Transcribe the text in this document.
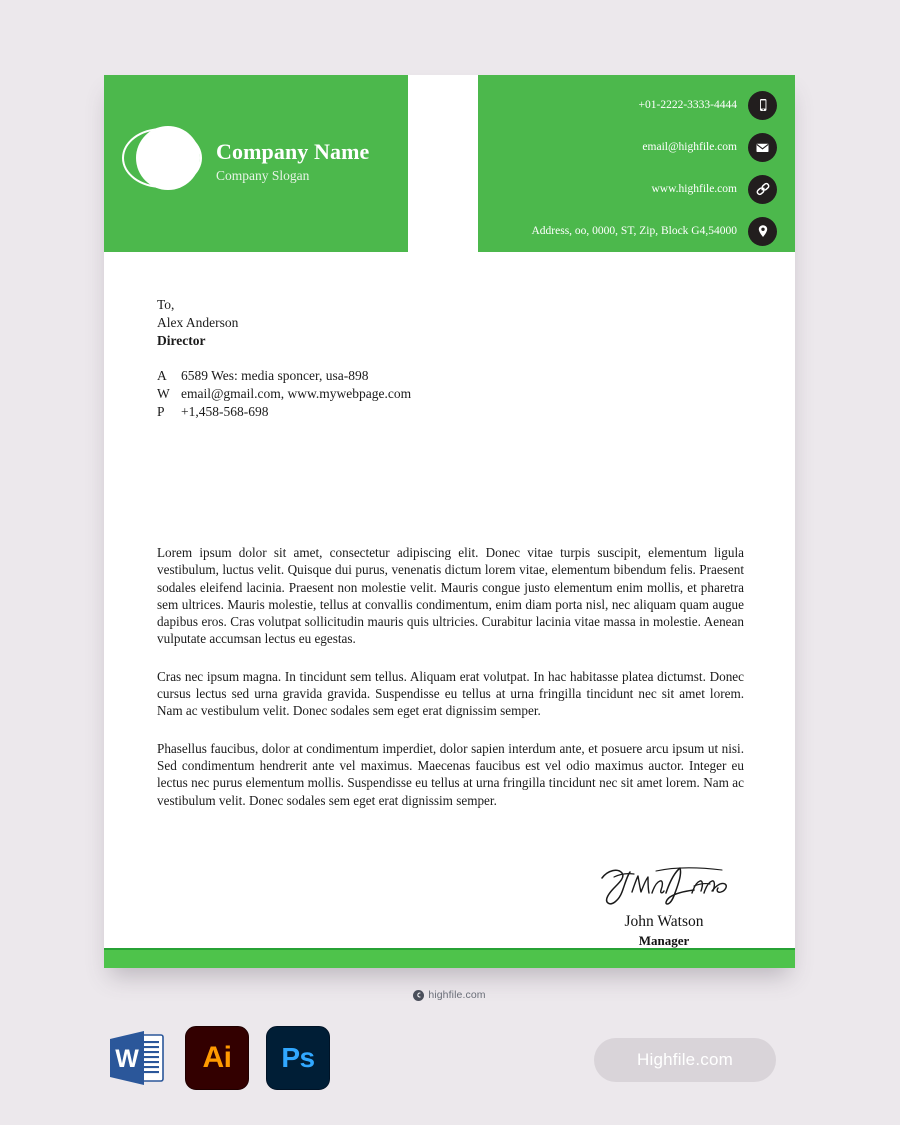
Company Name
Company Slogan
+01-2222-3333-4444
email@highfile.com
www.highfile.com
Address, oo, 0000, ST, Zip, Block G4,54000
To,
Alex Anderson
Director
A	6589 Wes: media sponcer, usa-898
W email@gmail.com, www.mywebpage.com
P	+1,458-568-698

Lorem ipsum dolor sit amet, consectetur adipiscing elit. Donec vitae turpis suscipit, elementum ligula vestibulum, luctus velit. Quisque dui purus, venenatis dictum lorem vitae, elementum bibendum felis. Praesent sodales eleifend lacinia. Praesent non molestie velit. Mauris congue justo elementum enim mollis, et pharetra sem ultrices. Mauris molestie, tellus at convallis condimentum, enim diam porta nisl, nec aliquam quam augue dapibus eros. Cras volutpat sollicitudin mauris quis ultricies. Curabitur lacinia vitae massa in molestie. Aenean vulputate accumsan lectus eu egestas.

Cras nec ipsum magna. In tincidunt sem tellus. Aliquam erat volutpat. In hac habitasse platea dictumst. Donec cursus lectus sed urna gravida gravida. Suspendisse eu tellus at urna fringilla tincidunt nec sit amet lorem. Nam ac vestibulum velit. Donec sodales sem eget erat dignissim semper.

Phasellus faucibus, dolor at condimentum imperdiet, dolor sapien interdum ante, et posuere arcu ipsum ut nisi. Sed condimentum hendrerit ante vel maximus. Maecenas faucibus est vel odio maximus auctor. Integer eu lectus nec purus elementum mollis. Suspendisse eu tellus at urna fringilla tincidunt nec sit amet lorem. Nam ac vestibulum velit. Donec sodales sem eget erat dignissim semper.

John Watson
Manager
highfile.com
W Ai Ps	Highfile.com
